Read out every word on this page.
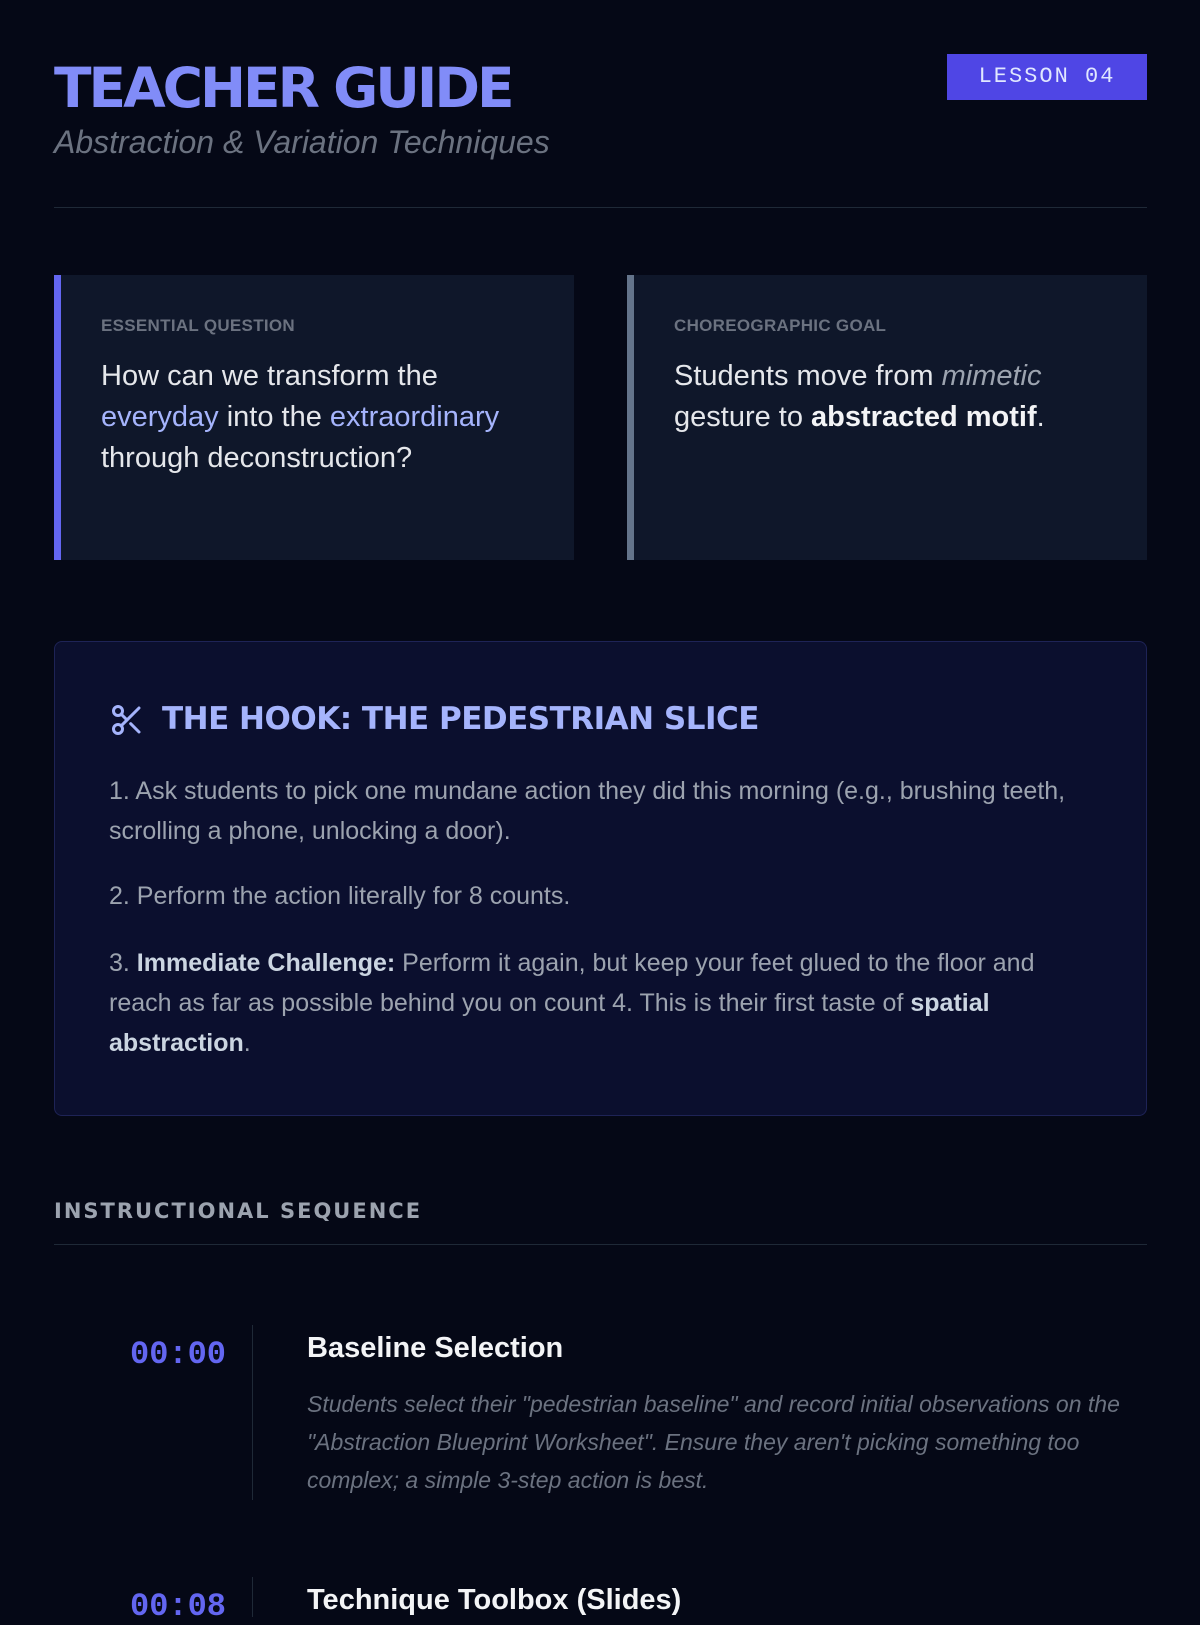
TEACHER GUIDE

Abstraction & Variation Techniques

LESSON 04
ESSENTIAL QUESTION

How can we transform the everyday into the extraordinary through deconstruction?

CHOREOGRAPHIC GOAL

Students move from mimetic gesture to abstracted motif.

THE HOOK: THE PEDESTRIAN SLICE

1. Ask students to pick one mundane action they did this morning (e.g., brushing teeth, scrolling a phone, unlocking a door).

2. Perform the action literally for 8 counts.

3. Immediate Challenge: Perform it again, but keep your feet glued to the floor and reach as far as possible behind you on count 4. This is their first taste of spatial abstraction.

INSTRUCTIONAL SEQUENCE
00:00	Baseline Selection

Students select their "pedestrian baseline" and record initial observations on the "Abstraction Blueprint Worksheet". Ensure they aren't picking something too complex; a simple 3-step action is best.

00:08	Technique Toolbox (Slides)
